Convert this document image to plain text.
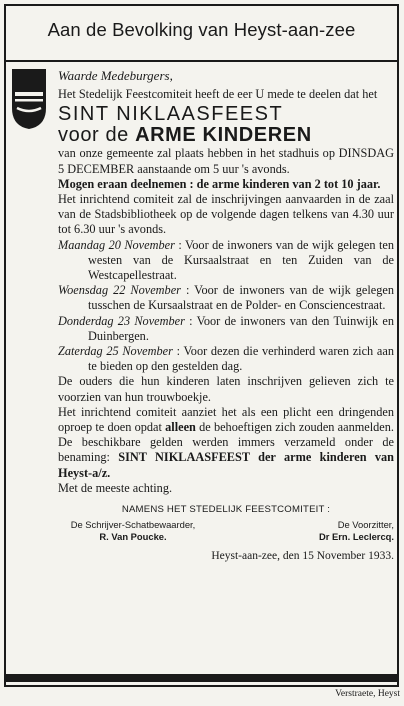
Aan de Bevolking van Heyst-aan-zee

Waarde Medeburgers,

Het Stedelijk Feestcomiteit heeft de eer U mede te deelen dat het

SINT NIKLAASFEEST

voor de ARME KINDEREN

van onze gemeente zal plaats hebben in het stadhuis op DINSDAG 5 DECEMBER aanstaande om 5 uur 's avonds.

Mogen eraan deelnemen : de arme kinderen van 2 tot 10 jaar.

Het inrichtend comiteit zal de inschrijvingen aanvaarden in de zaal van de Stadsbibliotheek op de volgende dagen telkens van 4.30 uur tot 6.30 uur 's avonds.

Maandag 20 November : Voor de inwoners van de wijk gelegen ten westen van de Kursaalstraat en ten Zuiden van de Westcapellestraat.

Woensdag 22 November : Voor de inwoners van de wijk gelegen tusschen de Kursaalstraat en de Polder- en Consciencestraat.

Donderdag 23 November : Voor de inwoners van den Tuinwijk en Duinbergen.

Zaterdag 25 November : Voor dezen die verhinderd waren zich aan te bieden op den gestelden dag.

De ouders die hun kinderen laten inschrijven gelieven zich te voorzien van hun trouwboekje.

Het inrichtend comiteit aanziet het als een plicht een dringenden oproep te doen opdat alleen de behoeftigen zich zouden aanmelden. De beschikbare gelden werden immers verzameld onder de benaming: SINT NIKLAASFEEST der arme kinderen van Heyst-a/z.

Met de meeste achting.

NAMENS HET STEDELIJK FEESTCOMITEIT :

De Schrijver-Schatbewaarder,
R. Van Poucke.
De Voorzitter,
Dr Ern. Leclercq.

Heyst-aan-zee, den 15 November 1933.

Verstraete, Heyst
